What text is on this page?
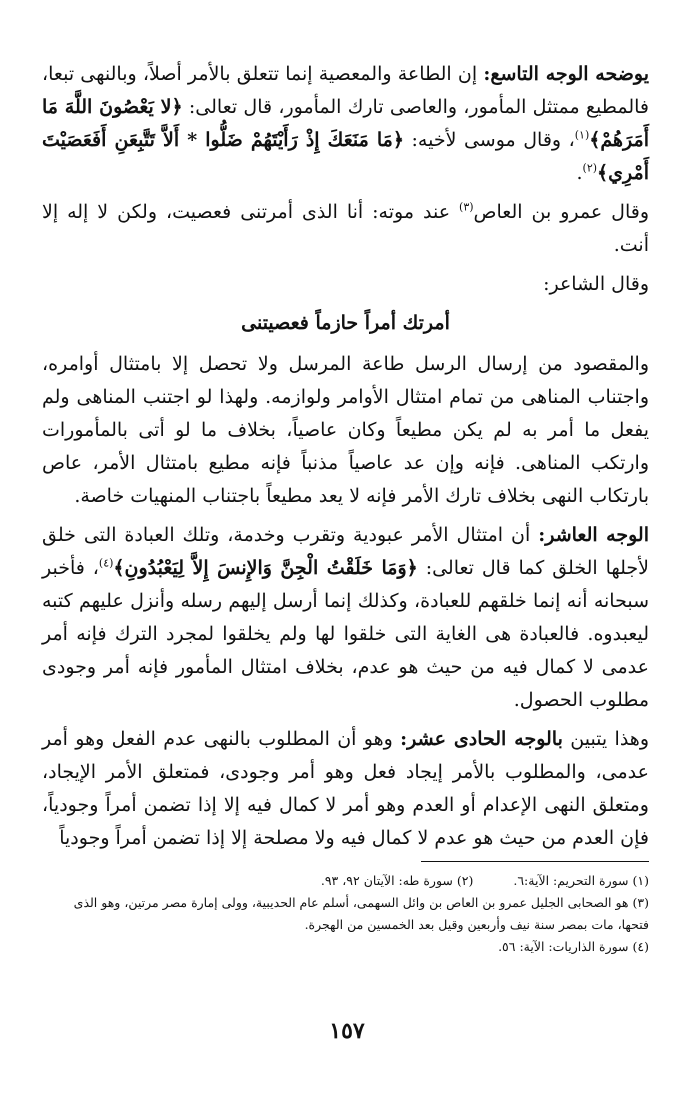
يوضحه الوجه التاسع: إن الطاعة والمعصية إنما تتعلق بالأمر أصلاً، وبالنهى تبعا، فالمطيع ممتثل المأمور، والعاصى تارك المأمور، قال تعالى: ﴿لا يَعْصُونَ اللَّهَ مَا أَمَرَهُمْ﴾$^{(١)}$، وقال موسى لأخيه: ﴿مَا مَنَعَكَ إِذْ رَأَيْتَهُمْ ضَلُّوا * أَلاَّ تَتَّبِعَنِ أَفَعَصَيْتَ أَمْرِي﴾$^{(٢)}$.

وقال عمرو بن العاص$^{(٣)}$ عند موته: أنا الذى أمرتنى فعصيت، ولكن لا إله إلا أنت.

وقال الشاعر:

أمرتك أمراً حازماً فعصيتنى

والمقصود من إرسال الرسل طاعة المرسل ولا تحصل إلا بامتثال أوامره، واجتناب المناهى من تمام امتثال الأوامر ولوازمه. ولهذا لو اجتنب المناهى ولم يفعل ما أمر به لم يكن مطيعاً وكان عاصياً، بخلاف ما لو أتى بالمأمورات وارتكب المناهى. فإنه وإن عد عاصياً مذنباً فإنه مطيع بامتثال الأمر، عاص بارتكاب النهى بخلاف تارك الأمر فإنه لا يعد مطيعاً باجتناب المنهيات خاصة.

الوجه العاشر: أن امتثال الأمر عبودية وتقرب وخدمة، وتلك العبادة التى خلق لأجلها الخلق كما قال تعالى: ﴿وَمَا خَلَقْتُ الْجِنَّ وَالإِنسَ إِلاَّ لِيَعْبُدُونِ﴾$^{(٤)}$، فأخبر سبحانه أنه إنما خلقهم للعبادة، وكذلك إنما أرسل إليهم رسله وأنزل عليهم كتبه ليعبدوه. فالعبادة هى الغاية التى خلقوا لها ولم يخلقوا لمجرد الترك فإنه أمر عدمى لا كمال فيه من حيث هو عدم، بخلاف امتثال المأمور فإنه أمر وجودى مطلوب الحصول.

وهذا يتبين بالوجه الحادى عشر: وهو أن المطلوب بالنهى عدم الفعل وهو أمر عدمى، والمطلوب بالأمر إيجاد فعل وهو أمر وجودى، فمتعلق الأمر الإيجاد، ومتعلق النهى الإعدام أو العدم وهو أمر لا كمال فيه إلا إذا تضمن أمراً وجودياً، فإن العدم من حيث هو عدم لا كمال فيه ولا مصلحة إلا إذا تضمن أمراً وجودياً

(١) سورة التحريم: الآية:٦.

(٢) سورة طه: الآيتان ٩٢، ٩٣.

(٣) هو الصحابى الجليل عمرو بن العاص بن وائل السهمى، أسلم عام الحديبية، وولى إمارة مصر مرتين، وهو الذى فتحها، مات بمصر سنة نيف وأربعين وقيل بعد الخمسين من الهجرة.

(٤) سورة الذاريات: الآية: ٥٦.

١٥٧
